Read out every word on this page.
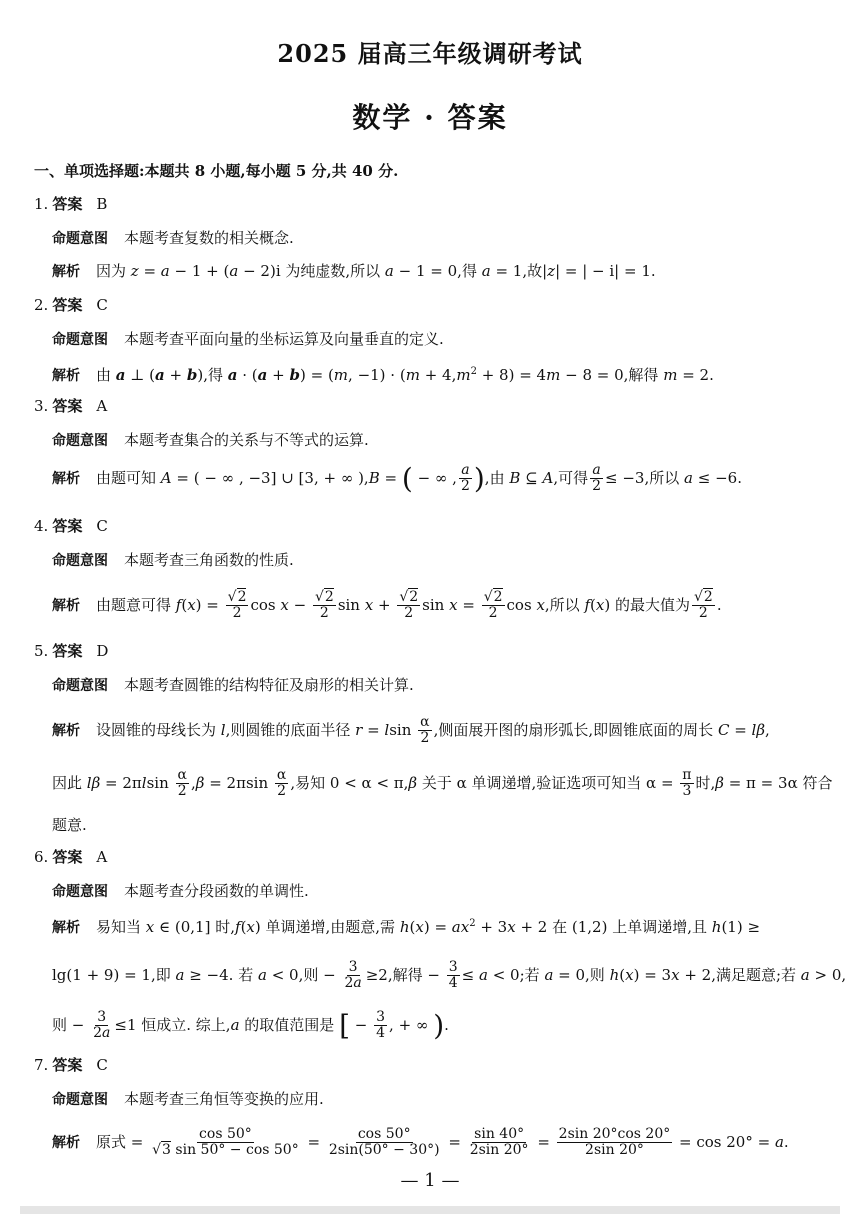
2025 届高三年级调研考试
数学 · 答案
一、单项选择题:本题共 8 小题,每小题 5 分,共 40 分.
1. 答案 B
命题意图 本题考查复数的相关概念.
解析 因为 z = a − 1 + (a − 2)i 为纯虚数,所以 a − 1 = 0,得 a = 1,故|z| = | − i| = 1.
2. 答案 C
命题意图 本题考查平面向量的坐标运算及向量垂直的定义.
解析 由 a ⊥ (a + b),得 a · (a + b) = (m, $-1) \cdot (m + 4,m^2 + 8) = 4m - 8 = 0$,解得 m = 2.
3. 答案 A
命题意图 本题考查集合的关系与不等式的运算.
解析 由题可知 A = ( − ∞ , −3] ∪ [3, + ∞ ),B = ( − ∞ , $\frac{a}{2}$ ),由 B ⊆ A,可得 $\frac{a}{2} \le -3$,所以 a ≤ −6.
4. 答案 C
命题意图 本题考查三角函数的性质.
解析 由题意可得 $f(x) = \frac{√2}{2}$ $\cos x - \frac{√2}{2}$ $\sin x + \frac{√2}{2}$ $\sin x = \frac{√2}{2}$ cos x,所以 f(x) 的最大值为 $\frac{√2}{2}$ .
5. 答案 D
命题意图 本题考查圆锥的结构特征及扇形的相关计算.
解析 设圆锥的母线长为 l,则圆锥的底面半径 r = lsin $\frac{\alpha}{2}$ ,侧面展开图的扇形弧长,即圆锥底面的周长 C = lβ,
因此 $l\beta = 2\pi lsin \frac{\alpha}{2} ,\beta = 2\pi\sin \frac{\alpha}{2}$ ,易知 0 < α < π,β 关于 α 单调递增,验证选项可知当 $\alpha = \frac{\pi}{3}$ 时,β = π = 3α 符合
题意.
6. 答案 A
命题意图 本题考查分段函数的单调性.
解析 易知当 x ∈ (0,1] 时,f(x) 单调递增,由题意,需 $h(x) = ax^2 + 3x + 2$ 在 (1,2) 上单调递增,且 h(1) ≥
lg(1 + 9) = 1,即 a ≥ −4. 若 a < 0,则 − $\frac{3}{2a} \ge 2$,解得 − $\frac{3}{4} \le a < 0$;若 a = 0,则 h(x) = 3x + 2,满足题意;若 a > 0,
则 − $\frac{3}{2a} \le 1$ 恒成立. 综上,a 的取值范围是 [ − $\frac{3}{4}$ , + ∞ ).
7. 答案 C
命题意图 本题考查三角恒等变换的应用.
解析 原式 = $\frac{\cos 50^\circ}{√3 \sin 50^\circ - \cos 50^\circ} = \frac{\cos 50^\circ}{2\sin(50^\circ - 30^\circ)} = \frac{\sin 40^\circ}{2\sin 20^\circ} = \frac{2\sin 20^\circ\cos 20^\circ}{2\sin 20^\circ} = \cos 20^\circ = a$.
— 1 —
